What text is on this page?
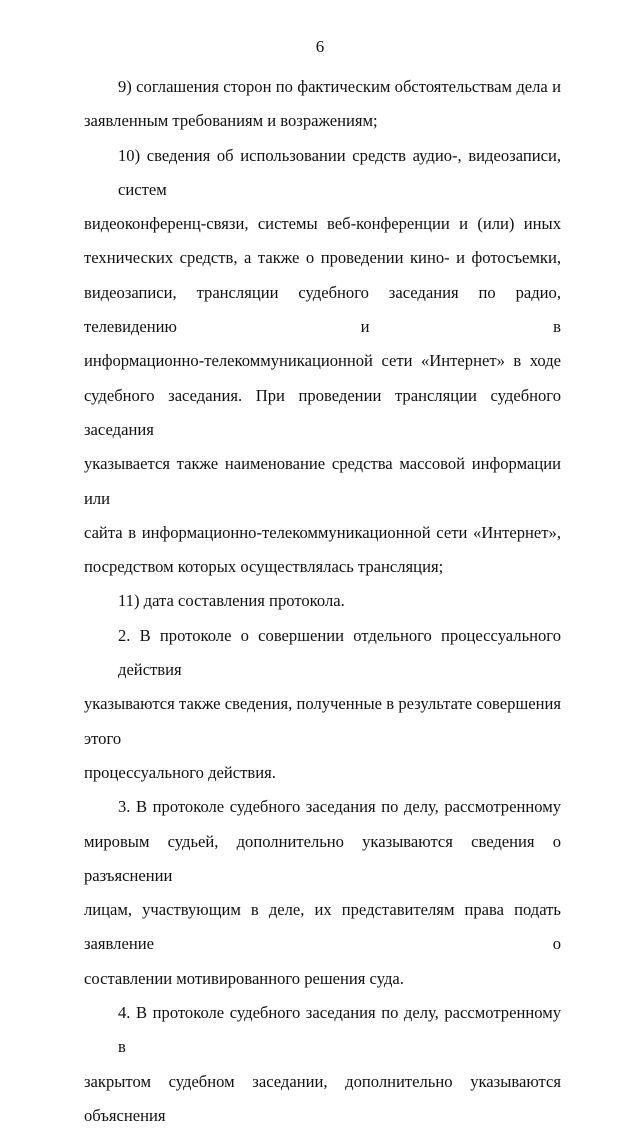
6
9) соглашения сторон по фактическим обстоятельствам дела и
заявленным требованиям и возражениям;
10) сведения об использовании средств аудио-, видеозаписи, систем
видеоконференц-связи, системы веб-конференции и (или) иных
технических средств, а также о проведении кино- и фотосъемки,
видеозаписи, трансляции судебного заседания по радио, телевидению и в
информационно-телекоммуникационной сети «Интернет» в ходе
судебного заседания. При проведении трансляции судебного заседания
указывается также наименование средства массовой информации или
сайта в информационно-телекоммуникационной сети «Интернет»,
посредством которых осуществлялась трансляция;
11) дата составления протокола.
2. В протоколе о совершении отдельного процессуального действия
указываются также сведения, полученные в результате совершения этого
процессуального действия.
3. В протоколе судебного заседания по делу, рассмотренному
мировым судьей, дополнительно указываются сведения о разъяснении
лицам, участвующим в деле, их представителям права подать заявление о
составлении мотивированного решения суда.
4. В протоколе судебного заседания по делу, рассмотренному в
закрытом судебном заседании, дополнительно указываются объяснения
